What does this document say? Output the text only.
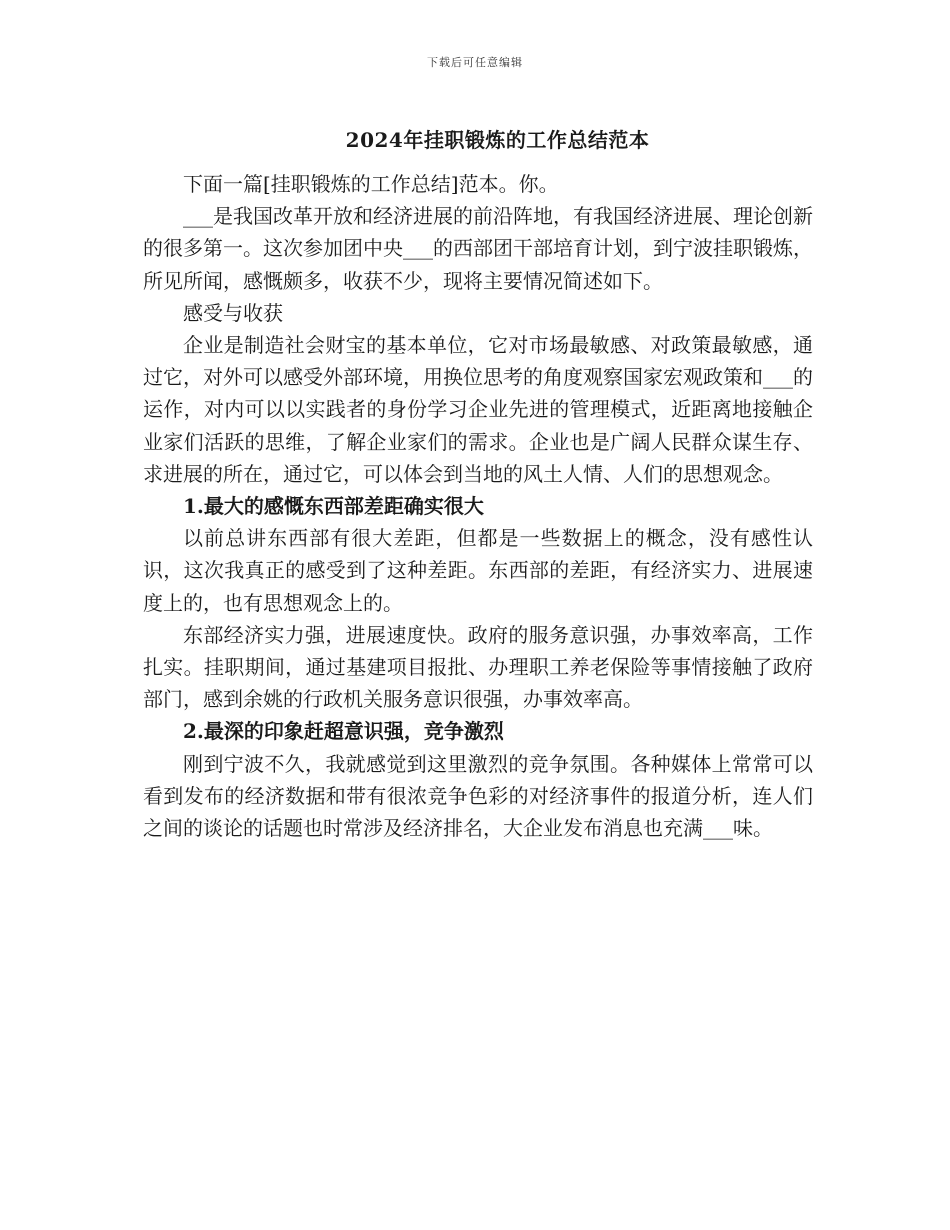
下载后可任意编辑
2024年挂职锻炼的工作总结范本

下面一篇[挂职锻炼的工作总结]范本。你。

___是我国改革开放和经济进展的前沿阵地，有我国经济进展、理论创新的很多第一。这次参加团中央___的西部团干部培育计划，到宁波挂职锻炼，所见所闻，感慨颇多，收获不少，现将主要情况简述如下。

感受与收获

企业是制造社会财宝的基本单位，它对市场最敏感、对政策最敏感，通过它，对外可以感受外部环境，用换位思考的角度观察国家宏观政策和___的运作，对内可以以实践者的身份学习企业先进的管理模式，近距离地接触企业家们活跃的思维，了解企业家们的需求。企业也是广阔人民群众谋生存、求进展的所在，通过它，可以体会到当地的风土人情、人们的思想观念。

1.最大的感慨东西部差距确实很大

以前总讲东西部有很大差距，但都是一些数据上的概念，没有感性认识，这次我真正的感受到了这种差距。东西部的差距，有经济实力、进展速度上的，也有思想观念上的。

东部经济实力强，进展速度快。政府的服务意识强，办事效率高，工作扎实。挂职期间，通过基建项目报批、办理职工养老保险等事情接触了政府部门，感到余姚的行政机关服务意识很强，办事效率高。

2.最深的印象赶超意识强，竞争激烈

刚到宁波不久，我就感觉到这里激烈的竞争氛围。各种媒体上常常可以看到发布的经济数据和带有很浓竞争色彩的对经济事件的报道分析，连人们之间的谈论的话题也时常涉及经济排名，大企业发布消息也充满___味。
